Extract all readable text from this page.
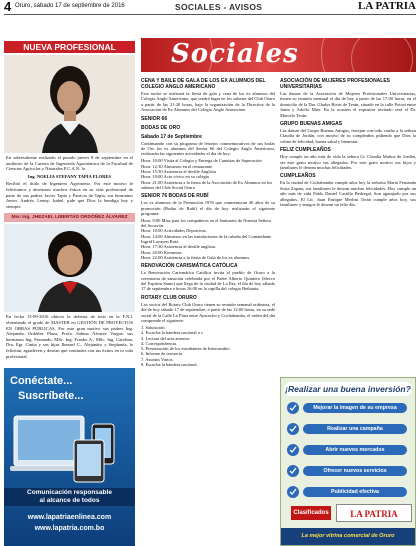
4 Oruro, sábado 17 de septiembre de 2016	SOCIALES - AVISOS	LA PATRIA
NUEVA PROFESIONAL
En sobresaliente realizado el pasado jueves 8 de septiembre en el auditorio de la Carrera de Ingeniería Agronómica de la Facultad de Ciencias Agrícolas y Naturales F.C.A.N. la
Ing. NOELIA STEFANY TAPIA FLORES
Recibió el título de Ingeniero Agrónomo. Por este motivo le felicitamos y deseamos muchos éxitos en su vida profesional de parte de sus padres Javier Tapia y Patricia de Tapia, sus hermanos Javier, Andrés, Lenny, Isabel, pide que Dios la bendiga hoy y siempre.
Msc Ing. JHEZAEL LIBERTAD ORDÓÑEZ ÁLVAREZ
En fecha 15-09-2016 obtuvo la defensa de tesis en la F.N.I. obteniendo el grado de MASTER en GESTIÓN DE PROYECTOS EN OBRAS PÚBLICAS. Por este gran motivo sus padres Ing. Alejandro Ordóñez Plaza, Profa. Sabina Álvarez Vargas, sus hermanos Ing. Fernando, MSc. Ing. Franko A., MSc. Ing. Carolina, Dra. Egr. Cintia y sus hijas Jhezael C., Alejandro y Stephanía, le felicitan, agradecen y desean que continúes con tus éxitos en tu vida profesional.
Conéctate...
Suscríbete...
Comunicación responsable
al alcance de todos
www.lapatriaenlinea.com
www.lapatria.com.bo
Sociales
CENA Y BAILE DE GALA DE LOS EX ALUMNOS DEL COLEGIO ANGLO AMERICANO
Esta noche se realizará la fiesta de gala y cena de los ex alumnos del Colegio Anglo Americano, que tendrá lugar en los salones del Club Oruro a partir de las 21:30 horas, bajo la organización de la Directiva de la Asociación de Ex Alumnos del Colegio Anglo Americano.
SENIOR 66
BODAS DE ORO
Sábado 17 de Septiembre
Continuando con su programa de festejos conmemorativos de sus bodas de Oro los ex alumnos del Senior 66 del Colegio Anglo Americano, realizarán las siguientes actividades el día de hoy:
Hora: 10:00 Visita al Colegio y Entrega de Canastas de Superación
Hora: 12:30 Almuerzo en el restaurante
Hora: 15:30 Asistencia al desfile Anglista
Hora: 19:00 Acto cívico en su colegio
Hora: 21:00 Asistencia a la fiesta de la Asociación de Ex Alumnos en los salones del Club Social Oruro
SENIOR 76 BODAS DE RUBÍ
Los ex alumnos de la Promoción 1976 que conmemoran 40 años de su promoción (Bodas de Rubí) el día de hoy realizarán el siguiente programa:
Hora: 9:00 Misa para los compañeros en el Santuario de Nuestra Señora del Socavón.
Hora: 10:00 Actividades Deportivas.
Hora: 14:00 Almuerzo en las instalaciones de la cabaña del Comandante Ingrid Lavayen Ruiz.
Hora: 17:30 Asistencia al desfile anglista.
Hora: 20:00 Kermesse.
Hora: 22:00 Asistencia a la fiesta de Gala de los ex alumnos.
RENOVACIÓN CARISMÁTICA CATÓLICA
La Renovación Carismática Católica invita al pueblo de Oruro a la ceremonia de sanación celebrada por el Padre Alberto Quintero (Siervo del Espíritu Santo) que llega de la ciudad de La Paz, el día de hoy sábado 17 de septiembre a horas 16:00 en la capilla del colegio Bethania.
ROTARY CLUB ORURO
Los socios del Rotary Club Oruro tienen su reunión semanal ordinaria, el día de hoy sábado 17 de septiembre, a partir de las 12:00 horas, en su sede social de la Calle La Plata entre Ayacucho y Cochabamba, el orden del día comprende el siguiente:
1. Salutación.
2. Escucha la bandera nacional a c.
3. Lectura del acta anterior.
4. Correspondencia.
5. Presentación de los estudiantes de Intercambio.
6. Informe de tesorería.
7. Asuntos Varios.
8. Escucha la bandera nacional.
ASOCIACIÓN DE MUJERES PROFESIONALES UNIVERSITARIAS
Las damas de la Asociación de Mujeres Profesionales Universitarias, tienen su reunión mensual el día de hoy a partir de las 17:00 horas, en el domicilio de la Dra. Gladys Rivas de Terán, situado en la calle Potosí entre Junín y Adolfo Mier. En la ocasión el expositor invitado será el Dr. Marcelo Terán.
GRUPO BUENAS AMIGAS
Las damas del Grupo Buenas Amigas, festejan con todo cariño a la señora Claudia de Jordán, con motivo de su compleaños pidiendo que Dios la colme de felicidad, buena salud y bienestar.
FELIZ CUMPLEAÑOS
Hoy cumple un año más de vida la señora Cr. Claudia Muñoz de Jordán, ser este grato motivo sus allegados. Por este grato motivo sus hijos y familiares le desean muchas felicidades.
CUMPLEAÑOS
En la ciudad de Cochabamba cumple años hoy la señorita María Fernanda Soria Zapata, sus familiares le desean muchas felicidades. Hoy cumple un año más de vida Pablo Daniel Castillo Bedregal, Son agasajado por sus allegados. El Lic. Juan Enrique Merlini Terán cumple años hoy, sus familiares y amigos le desean un feliz día.
¡Realizar una buena inversión?
Mejorar la imagen de su empresa
Realizar una campaña
Abrir nuevos mercados
Ofrecer nuevos servicios
Publicidad efectiva
Clasificados	LA PATRIA
La mejor vitrina comercial de Oruro
